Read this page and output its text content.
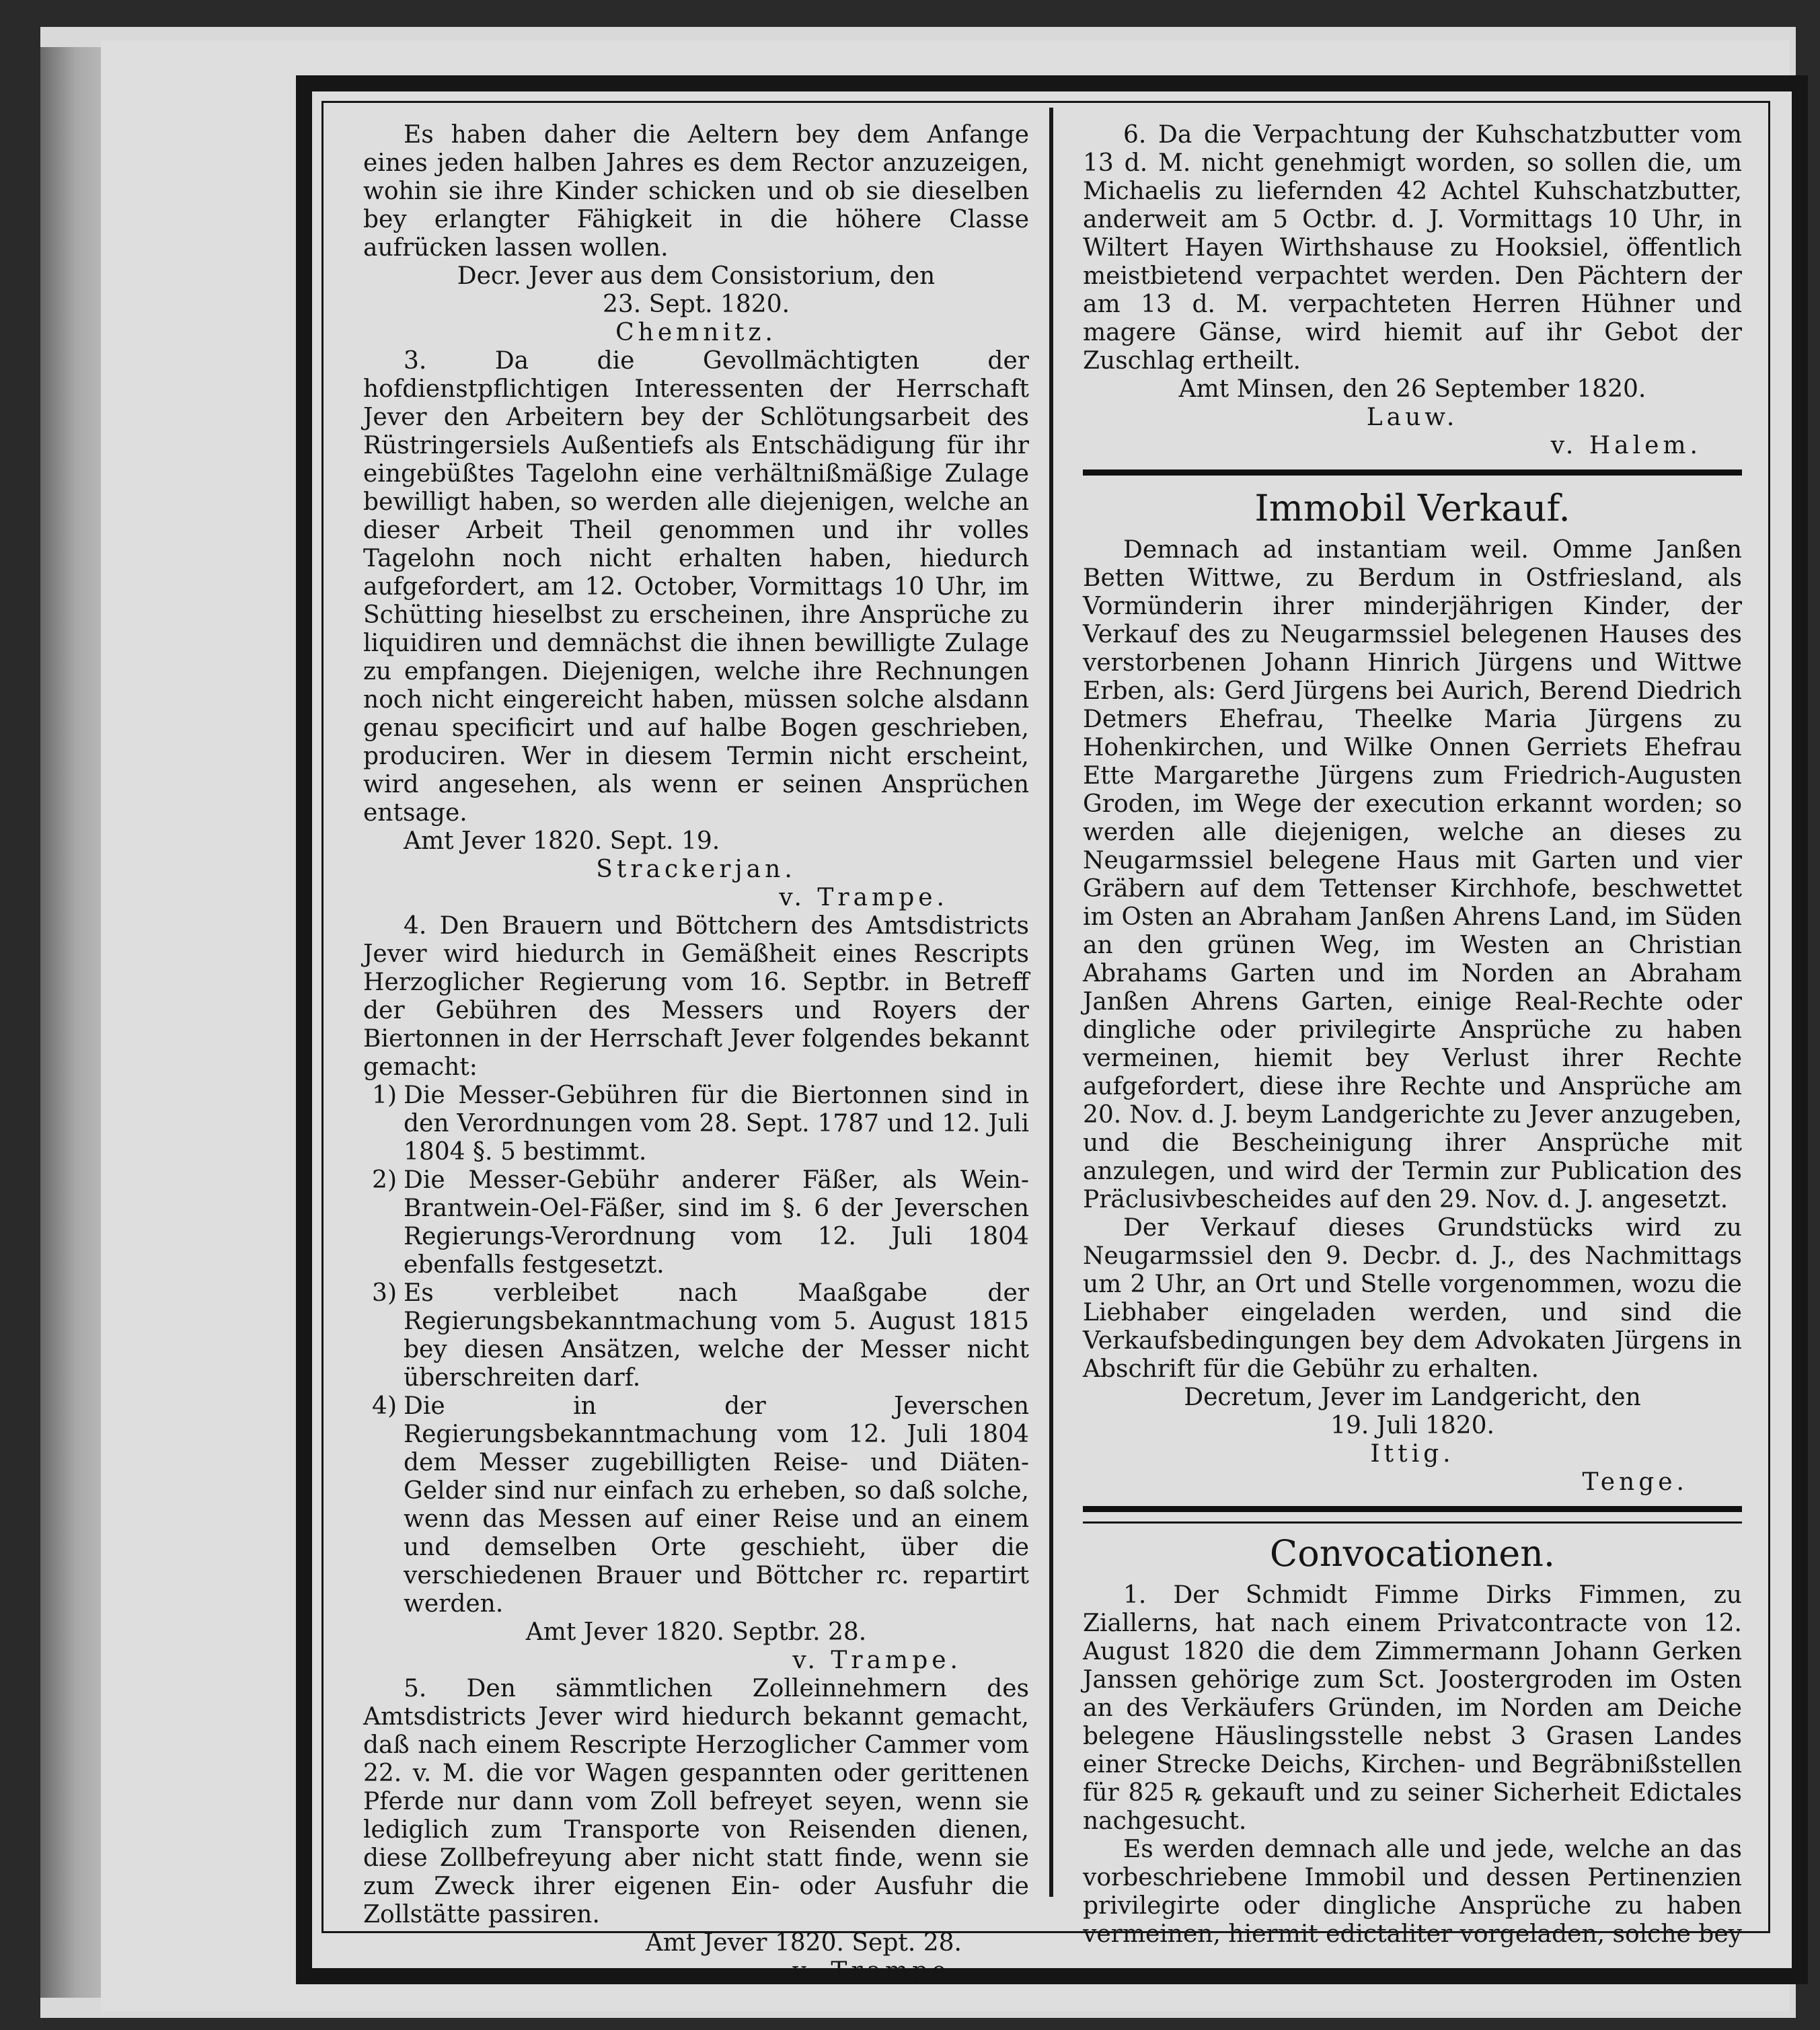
Es haben daher die Aeltern bey dem Anfange eines jeden halben Jahres es dem Rector anzuzeigen, wohin sie ihre Kinder schicken und ob sie dieselben bey erlangter Fähigkeit in die höhere Classe aufrücken lassen wollen.

Decr. Jever aus dem Consistorium, den

23. Sept. 1820.

Chemnitz.

3. Da die Gevollmächtigten der hofdienstpflichtigen Interessenten der Herrschaft Jever den Arbeitern bey der Schlötungsarbeit des Rüstringersiels Außentiefs als Entschädigung für ihr eingebüßtes Tagelohn eine verhältnißmäßige Zulage bewilligt haben, so werden alle diejenigen, welche an dieser Arbeit Theil genommen und ihr volles Tagelohn noch nicht erhalten haben, hiedurch aufgefordert, am 12. October, Vormittags 10 Uhr, im Schütting hieselbst zu erscheinen, ihre Ansprüche zu liquidiren und demnächst die ihnen bewilligte Zulage zu empfangen. Diejenigen, welche ihre Rechnungen noch nicht eingereicht haben, müssen solche alsdann genau specificirt und auf halbe Bogen geschrieben, produciren. Wer in diesem Termin nicht erscheint, wird angesehen, als wenn er seinen Ansprüchen entsage.

Amt Jever 1820. Sept. 19.

Strackerjan.

v. Trampe.

4. Den Brauern und Böttchern des Amtsdistricts Jever wird hiedurch in Gemäßheit eines Rescripts Herzoglicher Regierung vom 16. Septbr. in Betreff der Gebühren des Messers und Royers der Biertonnen in der Herrschaft Jever folgendes bekannt gemacht:

1) Die Messer-Gebühren für die Biertonnen sind in den Verordnungen vom 28. Sept. 1787 und 12. Juli 1804 §. 5 bestimmt.

2) Die Messer-Gebühr anderer Fäßer, als Wein-Brantwein-Oel-Fäßer, sind im §. 6 der Jeverschen Regierungs-Verordnung vom 12. Juli 1804 ebenfalls festgesetzt.

3) Es verbleibet nach Maaßgabe der Regierungsbekanntmachung vom 5. August 1815 bey diesen Ansätzen, welche der Messer nicht überschreiten darf.

4) Die in der Jeverschen Regierungsbekanntmachung vom 12. Juli 1804 dem Messer zugebilligten Reise- und Diäten-Gelder sind nur einfach zu erheben, so daß solche, wenn das Messen auf einer Reise und an einem und demselben Orte geschieht, über die verschiedenen Brauer und Böttcher rc. repartirt werden.

Amt Jever 1820. Septbr. 28.

v. Trampe.

5. Den sämmtlichen Zolleinnehmern des Amtsdistricts Jever wird hiedurch bekannt gemacht, daß nach einem Rescripte Herzoglicher Cammer vom 22. v. M. die vor Wagen gespannten oder gerittenen Pferde nur dann vom Zoll befreyet seyen, wenn sie lediglich zum Transporte von Reisenden dienen, diese Zollbefreyung aber nicht statt finde, wenn sie zum Zweck ihrer eigenen Ein- oder Ausfuhr die Zollstätte passiren.

Amt Jever 1820. Sept. 28.

v. Trampe.

6. Da die Verpachtung der Kuhschatzbutter vom 13 d. M. nicht genehmigt worden, so sollen die, um Michaelis zu liefernden 42 Achtel Kuhschatzbutter, anderweit am 5 Octbr. d. J. Vormittags 10 Uhr, in Wiltert Hayen Wirthshause zu Hooksiel, öffentlich meistbietend verpachtet werden. Den Pächtern der am 13 d. M. verpachteten Herren Hühner und magere Gänse, wird hiemit auf ihr Gebot der Zuschlag ertheilt.

Amt Minsen, den 26 September 1820.

Lauw.

v. Halem.

Immobil Verkauf.

Demnach ad instantiam weil. Omme Janßen Betten Wittwe, zu Berdum in Ostfriesland, als Vormünderin ihrer minderjährigen Kinder, der Verkauf des zu Neugarmssiel belegenen Hauses des verstorbenen Johann Hinrich Jürgens und Wittwe Erben, als: Gerd Jürgens bei Aurich, Berend Diedrich Detmers Ehefrau, Theelke Maria Jürgens zu Hohenkirchen, und Wilke Onnen Gerriets Ehefrau Ette Margarethe Jürgens zum Friedrich-Augusten Groden, im Wege der execution erkannt worden; so werden alle diejenigen, welche an dieses zu Neugarmssiel belegene Haus mit Garten und vier Gräbern auf dem Tettenser Kirchhofe, beschwettet im Osten an Abraham Janßen Ahrens Land, im Süden an den grünen Weg, im Westen an Christian Abrahams Garten und im Norden an Abraham Janßen Ahrens Garten, einige Real-Rechte oder dingliche oder privilegirte Ansprüche zu haben vermeinen, hiemit bey Verlust ihrer Rechte aufgefordert, diese ihre Rechte und Ansprüche am 20. Nov. d. J. beym Landgerichte zu Jever anzugeben, und die Bescheinigung ihrer Ansprüche mit anzulegen, und wird der Termin zur Publication des Präclusivbescheides auf den 29. Nov. d. J. angesetzt.

Der Verkauf dieses Grundstücks wird zu Neugarmssiel den 9. Decbr. d. J., des Nachmittags um 2 Uhr, an Ort und Stelle vorgenommen, wozu die Liebhaber eingeladen werden, und sind die Verkaufsbedingungen bey dem Advokaten Jürgens in Abschrift für die Gebühr zu erhalten.

Decretum, Jever im Landgericht, den

19. Juli 1820.

Ittig.

Tenge.

Convocationen.

1. Der Schmidt Fimme Dirks Fimmen, zu Ziallerns, hat nach einem Privatcontracte von 12. August 1820 die dem Zimmermann Johann Gerken Janssen gehörige zum Sct. Joostergroden im Osten an des Verkäufers Gründen, im Norden am Deiche belegene Häuslingsstelle nebst 3 Grasen Landes einer Strecke Deichs, Kirchen- und Begräbnißstellen für 825 ꝶ gekauft und zu seiner Sicherheit Edictales nachgesucht.

Es werden demnach alle und jede, welche an das vorbeschriebene Immobil und dessen Pertinenzien privilegirte oder dingliche Ansprüche zu haben vermeinen, hiermit edictaliter vorgeladen, solche bey
